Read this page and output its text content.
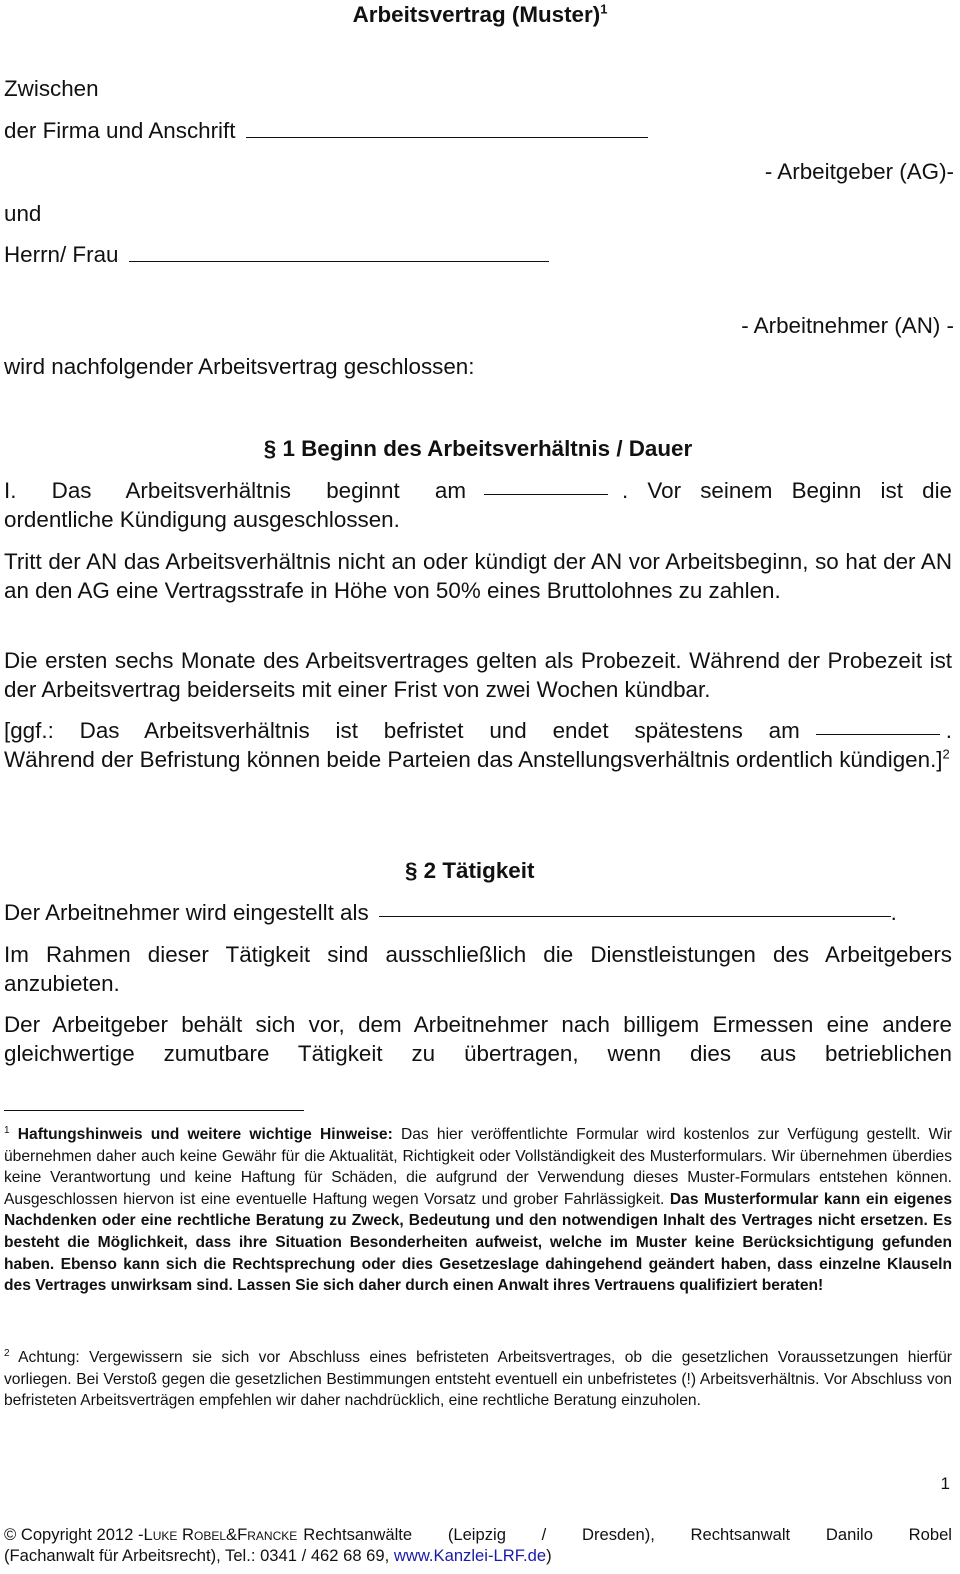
Arbeitsvertrag (Muster)$^1$
Zwischen
der Firma und Anschrift
- Arbeitgeber (AG)-
und
Herrn/ Frau
- Arbeitnehmer (AN) -
wird nachfolgender Arbeitsvertrag geschlossen:
§ 1 Beginn des Arbeitsverhältnis / Dauer
I. Das Arbeitsverhältnis beginnt am	. Vor seinem Beginn ist die
ordentliche Kündigung ausgeschlossen.
Tritt der AN das Arbeitsverhältnis nicht an oder kündigt der AN vor Arbeitsbeginn, so hat der AN an den AG eine Vertragsstrafe in Höhe von 50% eines Bruttolohnes zu zahlen.
Die ersten sechs Monate des Arbeitsvertrages gelten als Probezeit. Während der Probezeit ist der Arbeitsvertrag beiderseits mit einer Frist von zwei Wochen kündbar.
[ggf.: Das Arbeitsverhältnis ist befristet und endet spätestens am	.
Während der Befristung können beide Parteien das Anstellungsverhältnis ordentlich kündigen.]$^2$
§ 2 Tätigkeit
Der Arbeitnehmer wird eingestellt als	.
Im Rahmen dieser Tätigkeit sind ausschließlich die Dienstleistungen des Arbeitgebers anzubieten.
Der Arbeitgeber behält sich vor, dem Arbeitnehmer nach billigem Ermessen eine andere gleichwertige zumutbare Tätigkeit zu übertragen, wenn dies aus betrieblichen
$^1$ Haftungshinweis und weitere wichtige Hinweise: Das hier veröffentlichte Formular wird kostenlos zur Verfügung gestellt. Wir übernehmen daher auch keine Gewähr für die Aktualität, Richtigkeit oder Vollständigkeit des Musterformulars. Wir übernehmen überdies keine Verantwortung und keine Haftung für Schäden, die aufgrund der Verwendung dieses Muster-Formulars entstehen können. Ausgeschlossen hiervon ist eine eventuelle Haftung wegen Vorsatz und grober Fahrlässigkeit. Das Musterformular kann ein eigenes Nachdenken oder eine rechtliche Beratung zu Zweck, Bedeutung und den notwendigen Inhalt des Vertrages nicht ersetzen. Es besteht die Möglichkeit, dass ihre Situation Besonderheiten aufweist, welche im Muster keine Berücksichtigung gefunden haben. Ebenso kann sich die Rechtsprechung oder dies Gesetzeslage dahingehend geändert haben, dass einzelne Klauseln des Vertrages unwirksam sind. Lassen Sie sich daher durch einen Anwalt ihres Vertrauens qualifiziert beraten!
$^2$ Achtung: Vergewissern sie sich vor Abschluss eines befristeten Arbeitsvertrages, ob die gesetzlichen Voraussetzungen hierfür vorliegen. Bei Verstoß gegen die gesetzlichen Bestimmungen entsteht eventuell ein unbefristetes (!) Arbeitsverhältnis. Vor Abschluss von befristeten Arbeitsverträgen empfehlen wir daher nachdrücklich, eine rechtliche Beratung einzuholen.
1
© Copyright 2012 - Luke Robel & Francke Rechtsanwälte (Leipzig / Dresden), Rechtsanwalt Danilo Robel
(Fachanwalt für Arbeitsrecht), Tel.: 0341 / 462 68 69, www.Kanzlei-LRF.de)
